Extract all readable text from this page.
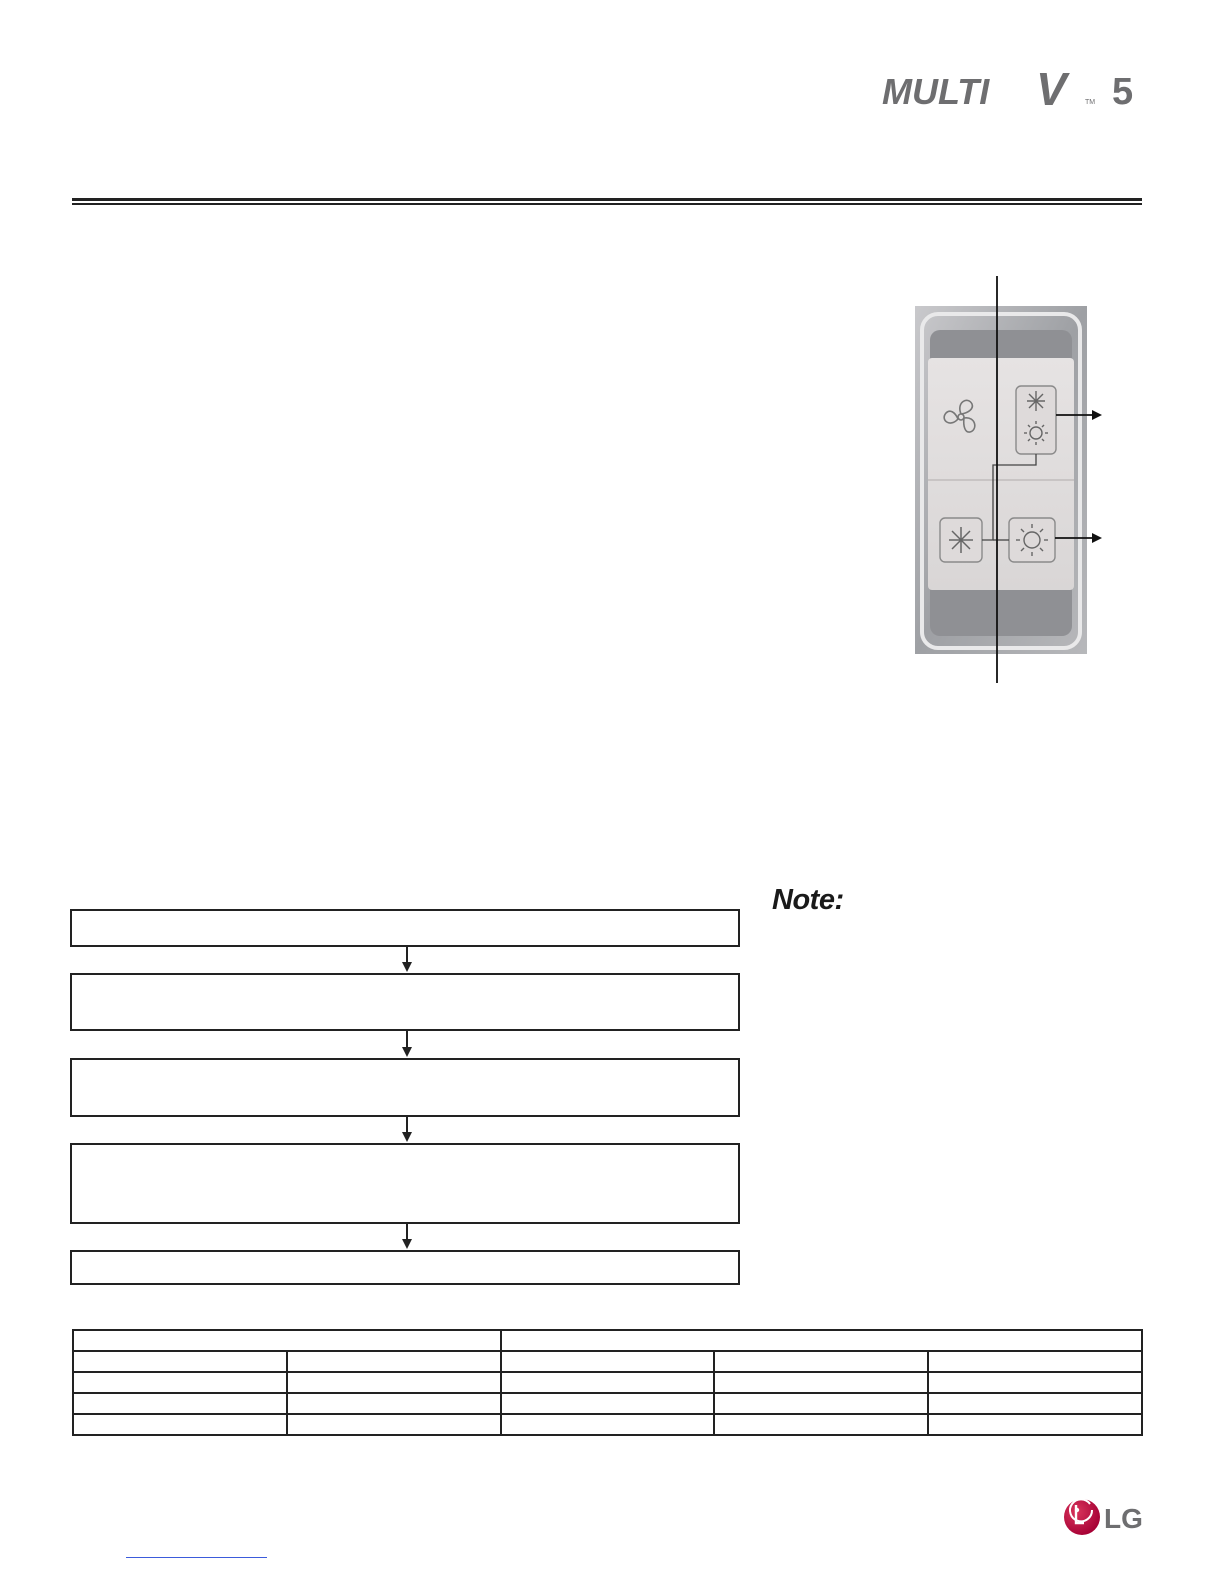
MULTI V	TM 5
Note:

LG
